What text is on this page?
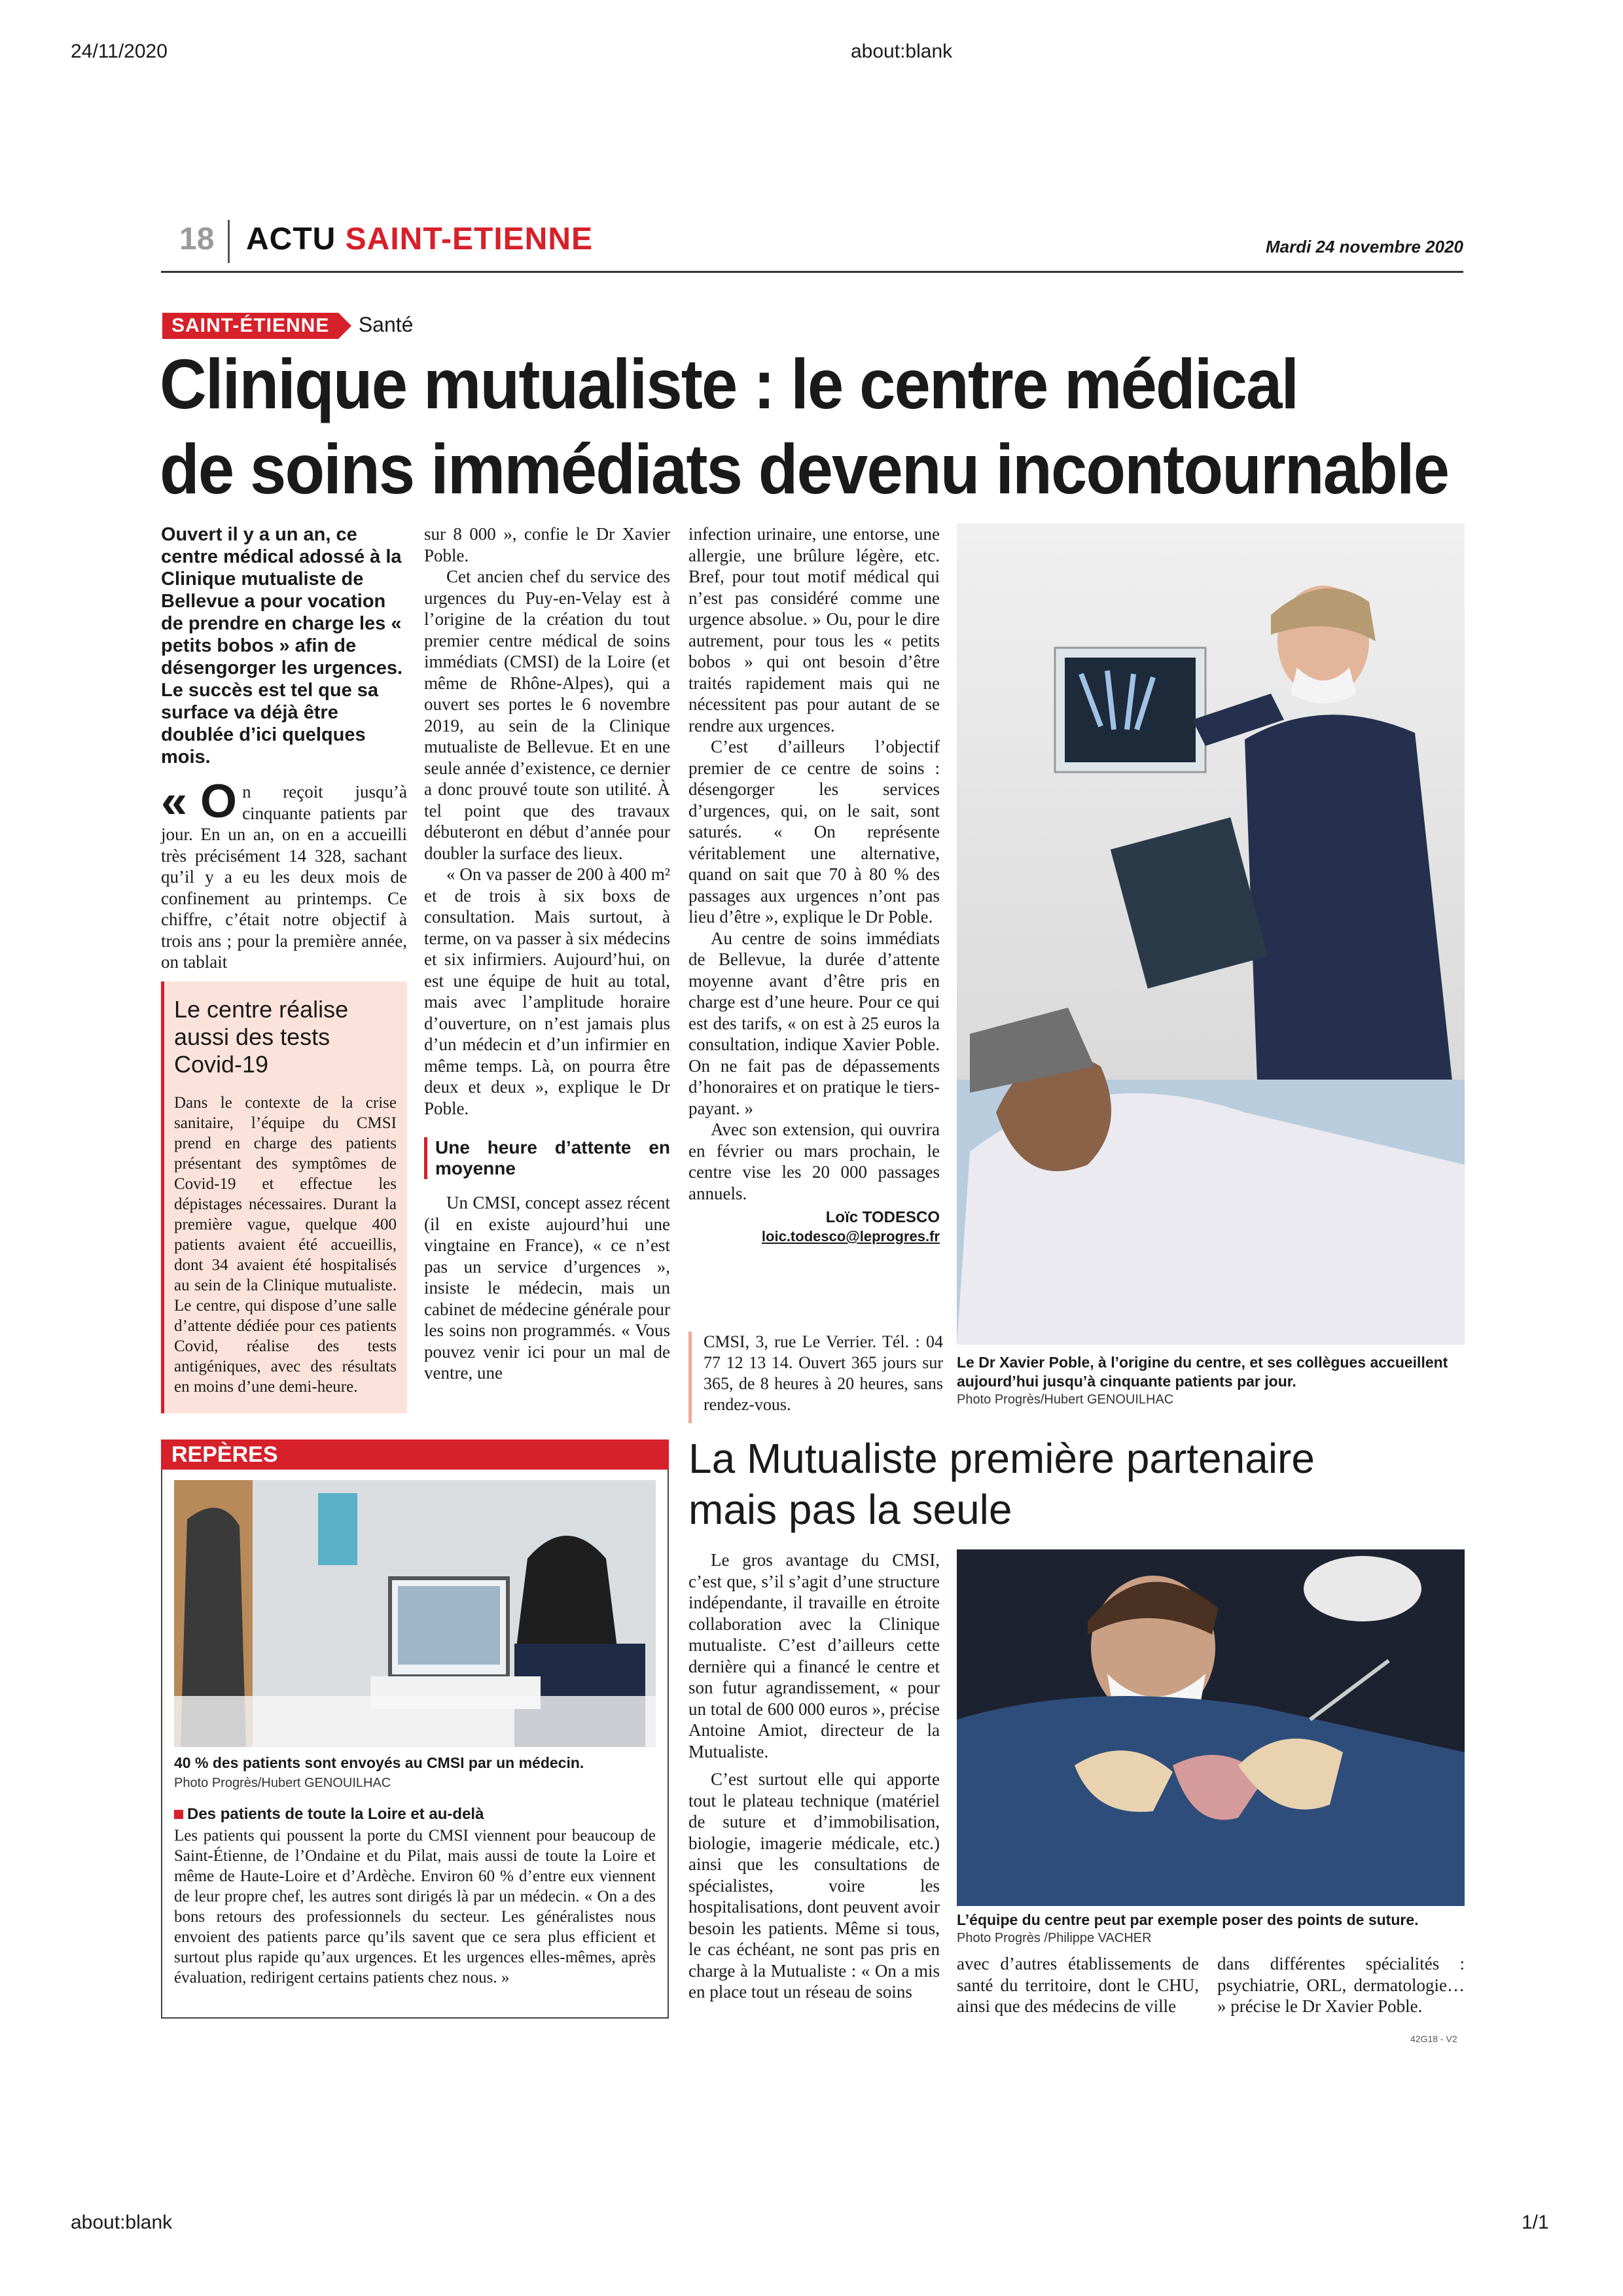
24/11/2020	about:blank
about:blank	1/1
18 ACTU SAINT-ETIENNE	Mardi 24 novembre 2020
SAINT-ÉTIENNE Santé
Clinique mutualiste : le centre médical
de soins immédiats devenu incontournable
Ouvert il y a un an, ce centre médical adossé à la Clinique mutualiste de Bellevue a pour vocation de prendre en charge les « petits bobos » afin de désengorger les urgences. Le succès est tel que sa surface va déjà être doublée d’ici quelques mois.

« O n reçoit jusqu’à cinquante patients par jour. En un an, on en a accueilli très précisément 14 328, sachant qu’il y a eu les deux mois de confinement au printemps. Ce chiffre, c’était notre objectif à trois ans ; pour la première année, on tablait

Le centre réalise aussi des tests Covid-19
Dans le contexte de la crise sanitaire, l’équipe du CMSI prend en charge des patients présentant des symptômes de Covid-19 et effectue les dépistages nécessaires. Durant la première vague, quelque 400 patients avaient été accueillis, dont 34 avaient été hospitalisés au sein de la Clinique mutualiste. Le centre, qui dispose d’une salle d’attente dédiée pour ces patients Covid, réalise des tests antigéniques, avec des résultats en moins d’une demi-heure.

sur 8 000 », confie le Dr Xavier Poble.

Cet ancien chef du service des urgences du Puy-en-Velay est à l’origine de la création du tout premier centre médical de soins immédiats (CMSI) de la Loire (et même de Rhône-Alpes), qui a ouvert ses portes le 6 novembre 2019, au sein de la Clinique mutualiste de Bellevue. Et en une seule année d’existence, ce dernier a donc prouvé toute son utilité. À tel point que des travaux débuteront en début d’année pour doubler la surface des lieux.

« On va passer de 200 à 400 m² et de trois à six boxs de consultation. Mais surtout, à terme, on va passer à six médecins et six infirmiers. Aujourd’hui, on est une équipe de huit au total, mais avec l’amplitude horaire d’ouverture, on n’est jamais plus d’un médecin et d’un infirmier en même temps. Là, on pourra être deux et deux », explique le Dr Poble.

Une heure d’attente en moyenne

Un CMSI, concept assez récent (il en existe aujourd’hui une vingtaine en France), « ce n’est pas un service d’urgences », insiste le médecin, mais un cabinet de médecine générale pour les soins non programmés. « Vous pouvez venir ici pour un mal de ventre, une

infection urinaire, une entorse, une allergie, une brûlure légère, etc. Bref, pour tout motif médical qui n’est pas considéré comme une urgence absolue. » Ou, pour le dire autrement, pour tous les « petits bobos » qui ont besoin d’être traités rapidement mais qui ne nécessitent pas pour autant de se rendre aux urgences.

C’est d’ailleurs l’objectif premier de ce centre de soins : désengorger les services d’urgences, qui, on le sait, sont saturés. « On représente véritablement une alternative, quand on sait que 70 à 80 % des passages aux urgences n’ont pas lieu d’être », explique le Dr Poble.

Au centre de soins immédiats de Bellevue, la durée d’attente moyenne avant d’être pris en charge est d’une heure. Pour ce qui est des tarifs, « on est à 25 euros la consultation, indique Xavier Poble. On ne fait pas de dépassements d’honoraires et on pratique le tiers-payant. »

Avec son extension, qui ouvrira en février ou mars prochain, le centre vise les 20 000 passages annuels.

Loïc TODESCO
loic.todesco@leprogres.fr
CMSI, 3, rue Le Verrier. Tél. : 04 77 12 13 14. Ouvert 365 jours sur 365, de 8 heures à 20 heures, sans rendez-vous.
Le Dr Xavier Poble, à l’origine du centre, et ses collègues accueillent aujourd’hui jusqu’à cinquante patients par jour.
Photo Progrès/Hubert GENOUILHAC
REPÈRES
40 % des patients sont envoyés au CMSI par un médecin.
Photo Progrès/Hubert GENOUILHAC
Des patients de toute la Loire et au-delà
Les patients qui poussent la porte du CMSI viennent pour beaucoup de Saint-Étienne, de l’Ondaine et du Pilat, mais aussi de toute la Loire et même de Haute-Loire et d’Ardèche. Environ 60 % d’entre eux viennent de leur propre chef, les autres sont dirigés là par un médecin. « On a des bons retours des professionnels du secteur. Les généralistes nous envoient des patients parce qu’ils savent que ce sera plus efficient et surtout plus rapide qu’aux urgences. Et les urgences elles-mêmes, après évaluation, redirigent certains patients chez nous. »
La Mutualiste première partenaire
mais pas la seule

Le gros avantage du CMSI, c’est que, s’il s’agit d’une structure indépendante, il travaille en étroite collaboration avec la Clinique mutualiste. C’est d’ailleurs cette dernière qui a financé le centre et son futur agrandissement, « pour un total de 600 000 euros », précise Antoine Amiot, directeur de la Mutualiste.

C’est surtout elle qui apporte tout le plateau technique (matériel de suture et d’immobilisation, biologie, imagerie médicale, etc.) ainsi que les consultations de spécialistes, voire les hospitalisations, dont peuvent avoir besoin les patients. Même si tous, le cas échéant, ne sont pas pris en charge à la Mutualiste : « On a mis en place tout un réseau de soins

L’équipe du centre peut par exemple poser des points de suture.
Photo Progrès /Philippe VACHER
avec d’autres établissements de santé du territoire, dont le CHU, ainsi que des médecins de ville
dans différentes spécialités : psychiatrie, ORL, dermatologie… » précise le Dr Xavier Poble.
42G18 - V2
